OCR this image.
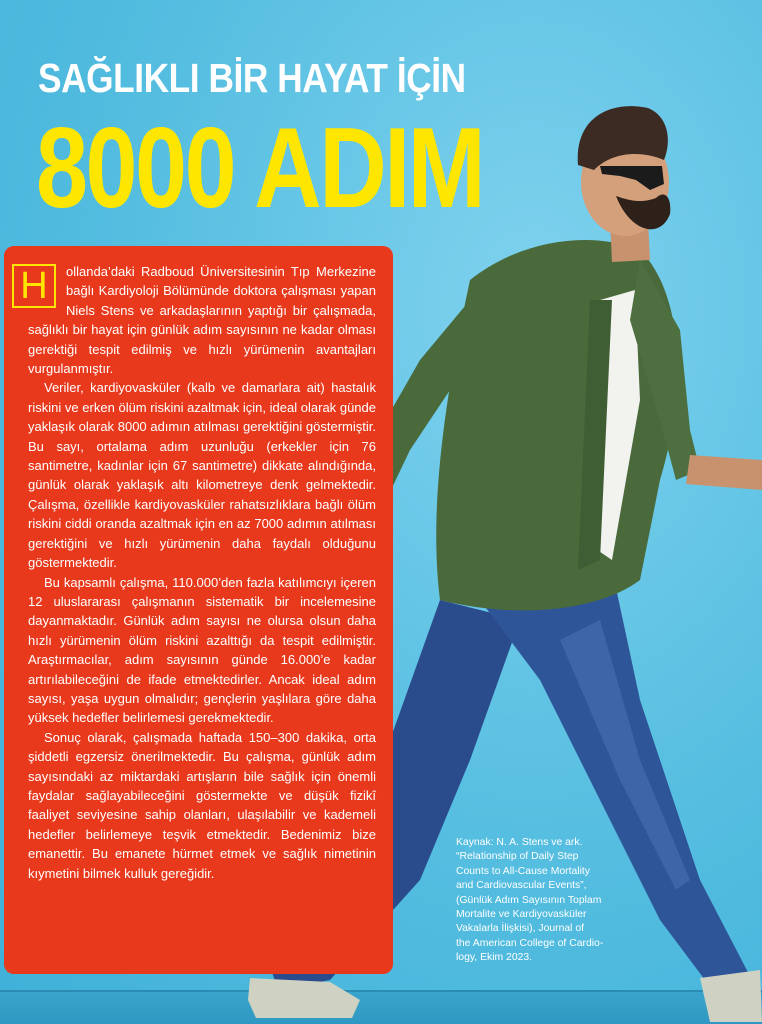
SAĞLIKLI BİR HAYAT İÇİN
8000 ADIM

H	ollanda’daki Radboud Üniversitesinin Tıp Merkezine bağlı Kardiyoloji Bölümünde doktora çalışması yapan Niels Stens ve arkadaşlarının yaptığı bir çalışmada, sağlıklı bir hayat için günlük adım sayısının ne kadar olması gerektiği tespit edilmiş ve hızlı yürümenin avantajları vurgulanmıştır.

Veriler, kardiyovasküler (kalb ve damarlara ait) hastalık riskini ve erken ölüm riskini azaltmak için, ideal olarak günde yaklaşık olarak 8000 adımın atılması gerektiğini göstermiştir. Bu sayı, ortalama adım uzunluğu (erkekler için 76 santimetre, kadınlar için 67 santimetre) dikkate alındığında, günlük olarak yaklaşık altı kilometreye denk gelmektedir. Çalışma, özellikle kardiyovasküler rahatsızlıklara bağlı ölüm riskini ciddi oranda azaltmak için en az 7000 adımın atılması gerektiğini ve hızlı yürümenin daha faydalı olduğunu göstermektedir.

Bu kapsamlı çalışma, 110.000’den fazla katılımcıyı içeren 12 uluslararası çalışmanın sistematik bir incelemesine dayanmaktadır. Günlük adım sayısı ne olursa olsun daha hızlı yürümenin ölüm riskini azalttığı da tespit edilmiştir. Araştırmacılar, adım sayısının günde 16.000’e kadar artırılabileceğini de ifade etmektedirler. Ancak ideal adım sayısı, yaşa uygun olmalıdır; gençlerin yaşlılara göre daha yüksek hedefler belirlemesi gerekmektedir.

Sonuç olarak, çalışmada haftada 150–300 dakika, orta şiddetli egzersiz önerilmektedir. Bu çalışma, günlük adım sayısındaki az miktardaki artışların bile sağlık için önemli faydalar sağlayabileceğini göstermekte ve düşük fizikî faaliyet seviyesine sahip olanları, ulaşılabilir ve kademeli hedefler belirlemeye teşvik etmektedir. Bedenimiz bize emanettir. Bu emanete hürmet etmek ve sağlık nimetinin kıymetini bilmek kulluk gereğidir.

Kaynak: N. A. Stens ve ark.
“Relationship of Daily Step
Counts to All-Cause Mortality
and Cardiovascular Events”,
(Günlük Adım Sayısının Toplam
Mortalite ve Kardiyovasküler
Vakalarla İlişkisi), Journal of
the American College of Cardio-
logy, Ekim 2023.
